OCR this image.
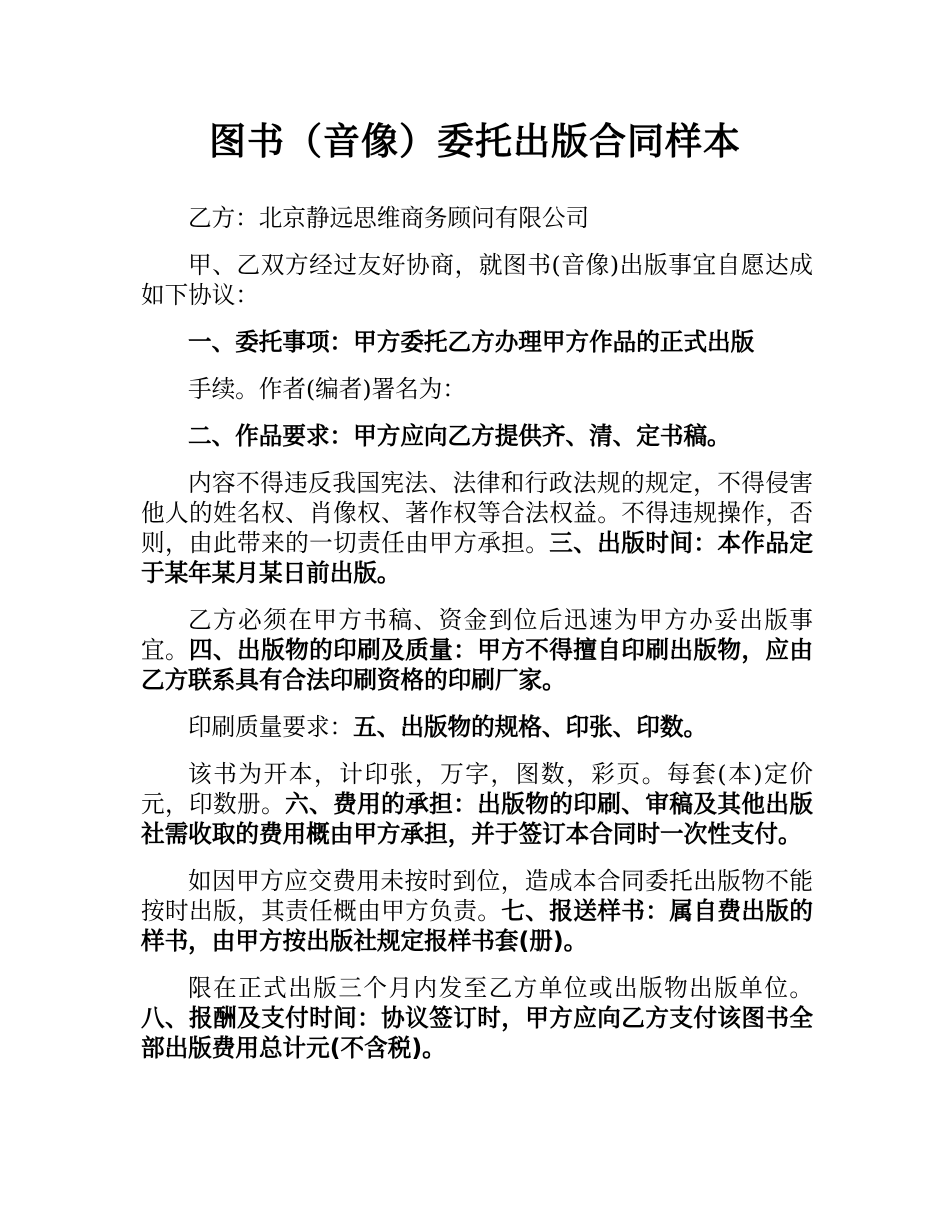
图书（音像）委托出版合同样本

乙方：北京静远思维商务顾问有限公司

甲、乙双方经过友好协商，就图书(音像)出版事宜自愿达成如下协议：

一、委托事项：甲方委托乙方办理甲方作品的正式出版

手续。作者(编者)署名为：

二、作品要求：甲方应向乙方提供齐、清、定书稿。

内容不得违反我国宪法、法律和行政法规的规定，不得侵害他人的姓名权、肖像权、著作权等合法权益。不得违规操作，否则，由此带来的一切责任由甲方承担。三、出版时间：本作品定于某年某月某日前出版。

乙方必须在甲方书稿、资金到位后迅速为甲方办妥出版事宜。四、出版物的印刷及质量：甲方不得擅自印刷出版物，应由乙方联系具有合法印刷资格的印刷厂家。

印刷质量要求：五、出版物的规格、印张、印数。

该书为开本，计印张，万字，图数，彩页。每套(本)定价元，印数册。六、费用的承担：出版物的印刷、审稿及其他出版社需收取的费用概由甲方承担，并于签订本合同时一次性支付。

如因甲方应交费用未按时到位，造成本合同委托出版物不能按时出版，其责任概由甲方负责。七、报送样书：属自费出版的样书，由甲方按出版社规定报样书套(册)。

限在正式出版三个月内发至乙方单位或出版物出版单位。八、报酬及支付时间：协议签订时，甲方应向乙方支付该图书全部出版费用总计元(不含税)。
